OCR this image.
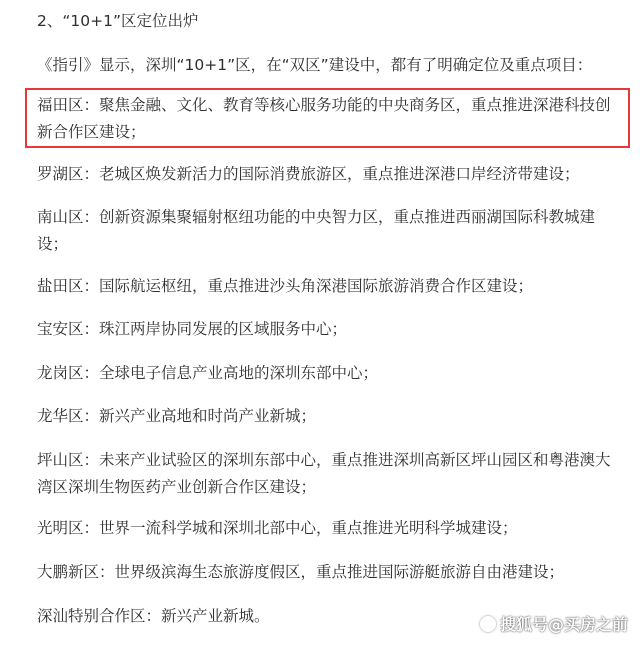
2、“10+1”区定位出炉
《指引》显示，深圳“10+1”区，在“双区”建设中，都有了明确定位及重点项目：
福田区：聚焦金融、文化、教育等核心服务功能的中央商务区，重点推进深港科技创新合作区建设；
罗湖区：老城区焕发新活力的国际消费旅游区，重点推进深港口岸经济带建设；
南山区：创新资源集聚辐射枢纽功能的中央智力区，重点推进西丽湖国际科教城建设；
盐田区：国际航运枢纽，重点推进沙头角深港国际旅游消费合作区建设；
宝安区：珠江两岸协同发展的区域服务中心；
龙岗区：全球电子信息产业高地的深圳东部中心；
龙华区：新兴产业高地和时尚产业新城；
坪山区：未来产业试验区的深圳东部中心，重点推进深圳高新区坪山园区和粤港澳大湾区深圳生物医药产业创新合作区建设；
光明区：世界一流科学城和深圳北部中心，重点推进光明科学城建设；
大鹏新区：世界级滨海生态旅游度假区，重点推进国际游艇旅游自由港建设；
深汕特别合作区：新兴产业新城。	搜狐号@买房之前
